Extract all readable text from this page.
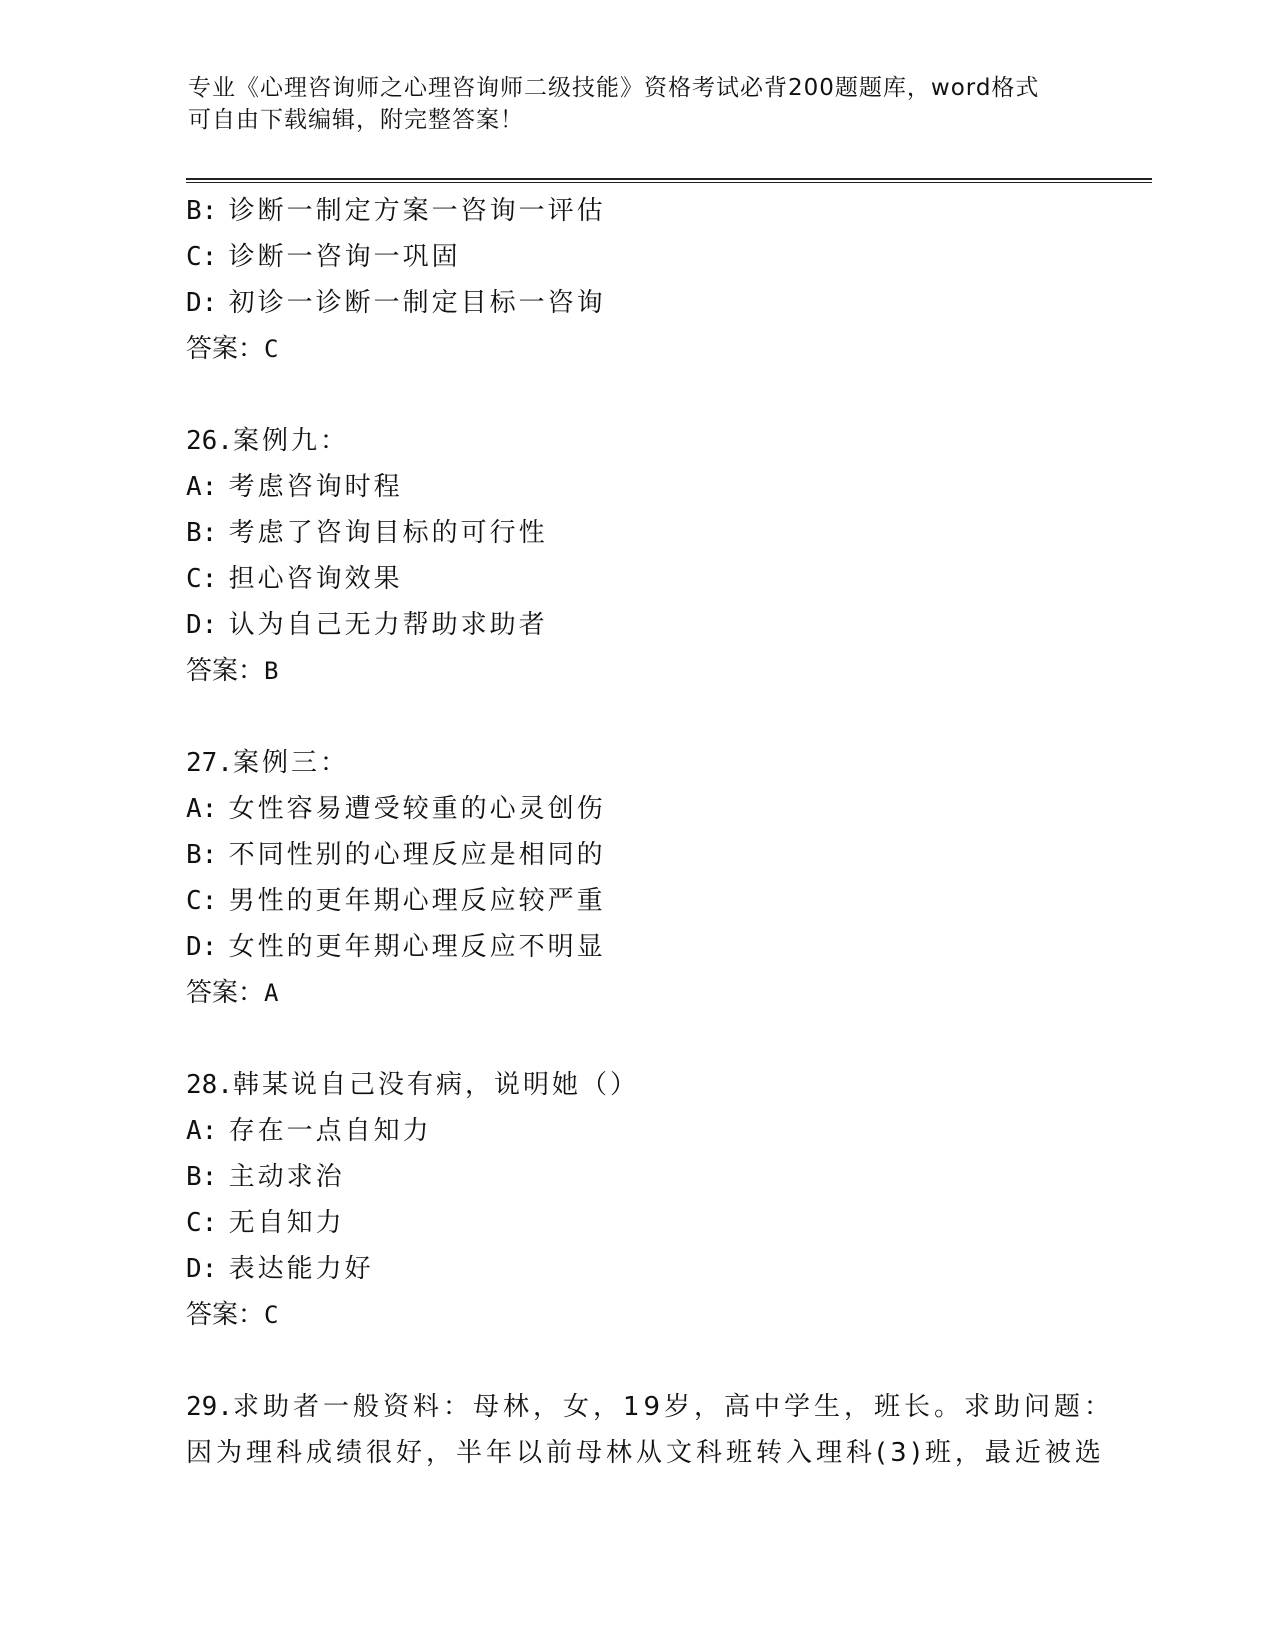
专业《心理咨询师之心理咨询师二级技能》资格考试必背200题题库，word格式

可自由下载编辑，附完整答案！

B: 诊断一制定方案一咨询一评估
C: 诊断一咨询一巩固
D: 初诊一诊断一制定目标一咨询
答案：C
26.案例九：
A: 考虑咨询时程
B: 考虑了咨询目标的可行性
C: 担心咨询效果
D: 认为自己无力帮助求助者
答案：B
27.案例三：
A: 女性容易遭受较重的心灵创伤
B: 不同性别的心理反应是相同的
C: 男性的更年期心理反应较严重
D: 女性的更年期心理反应不明显
答案：A
28.韩某说自己没有病，说明她（）
A: 存在一点自知力
B: 主动求治
C: 无自知力
D: 表达能力好
答案：C
29.求助者一般资料：母林，女，19岁，高中学生，班长。求助问题：
因为理科成绩很好，半年以前母林从文科班转入理科(3)班，最近被选
